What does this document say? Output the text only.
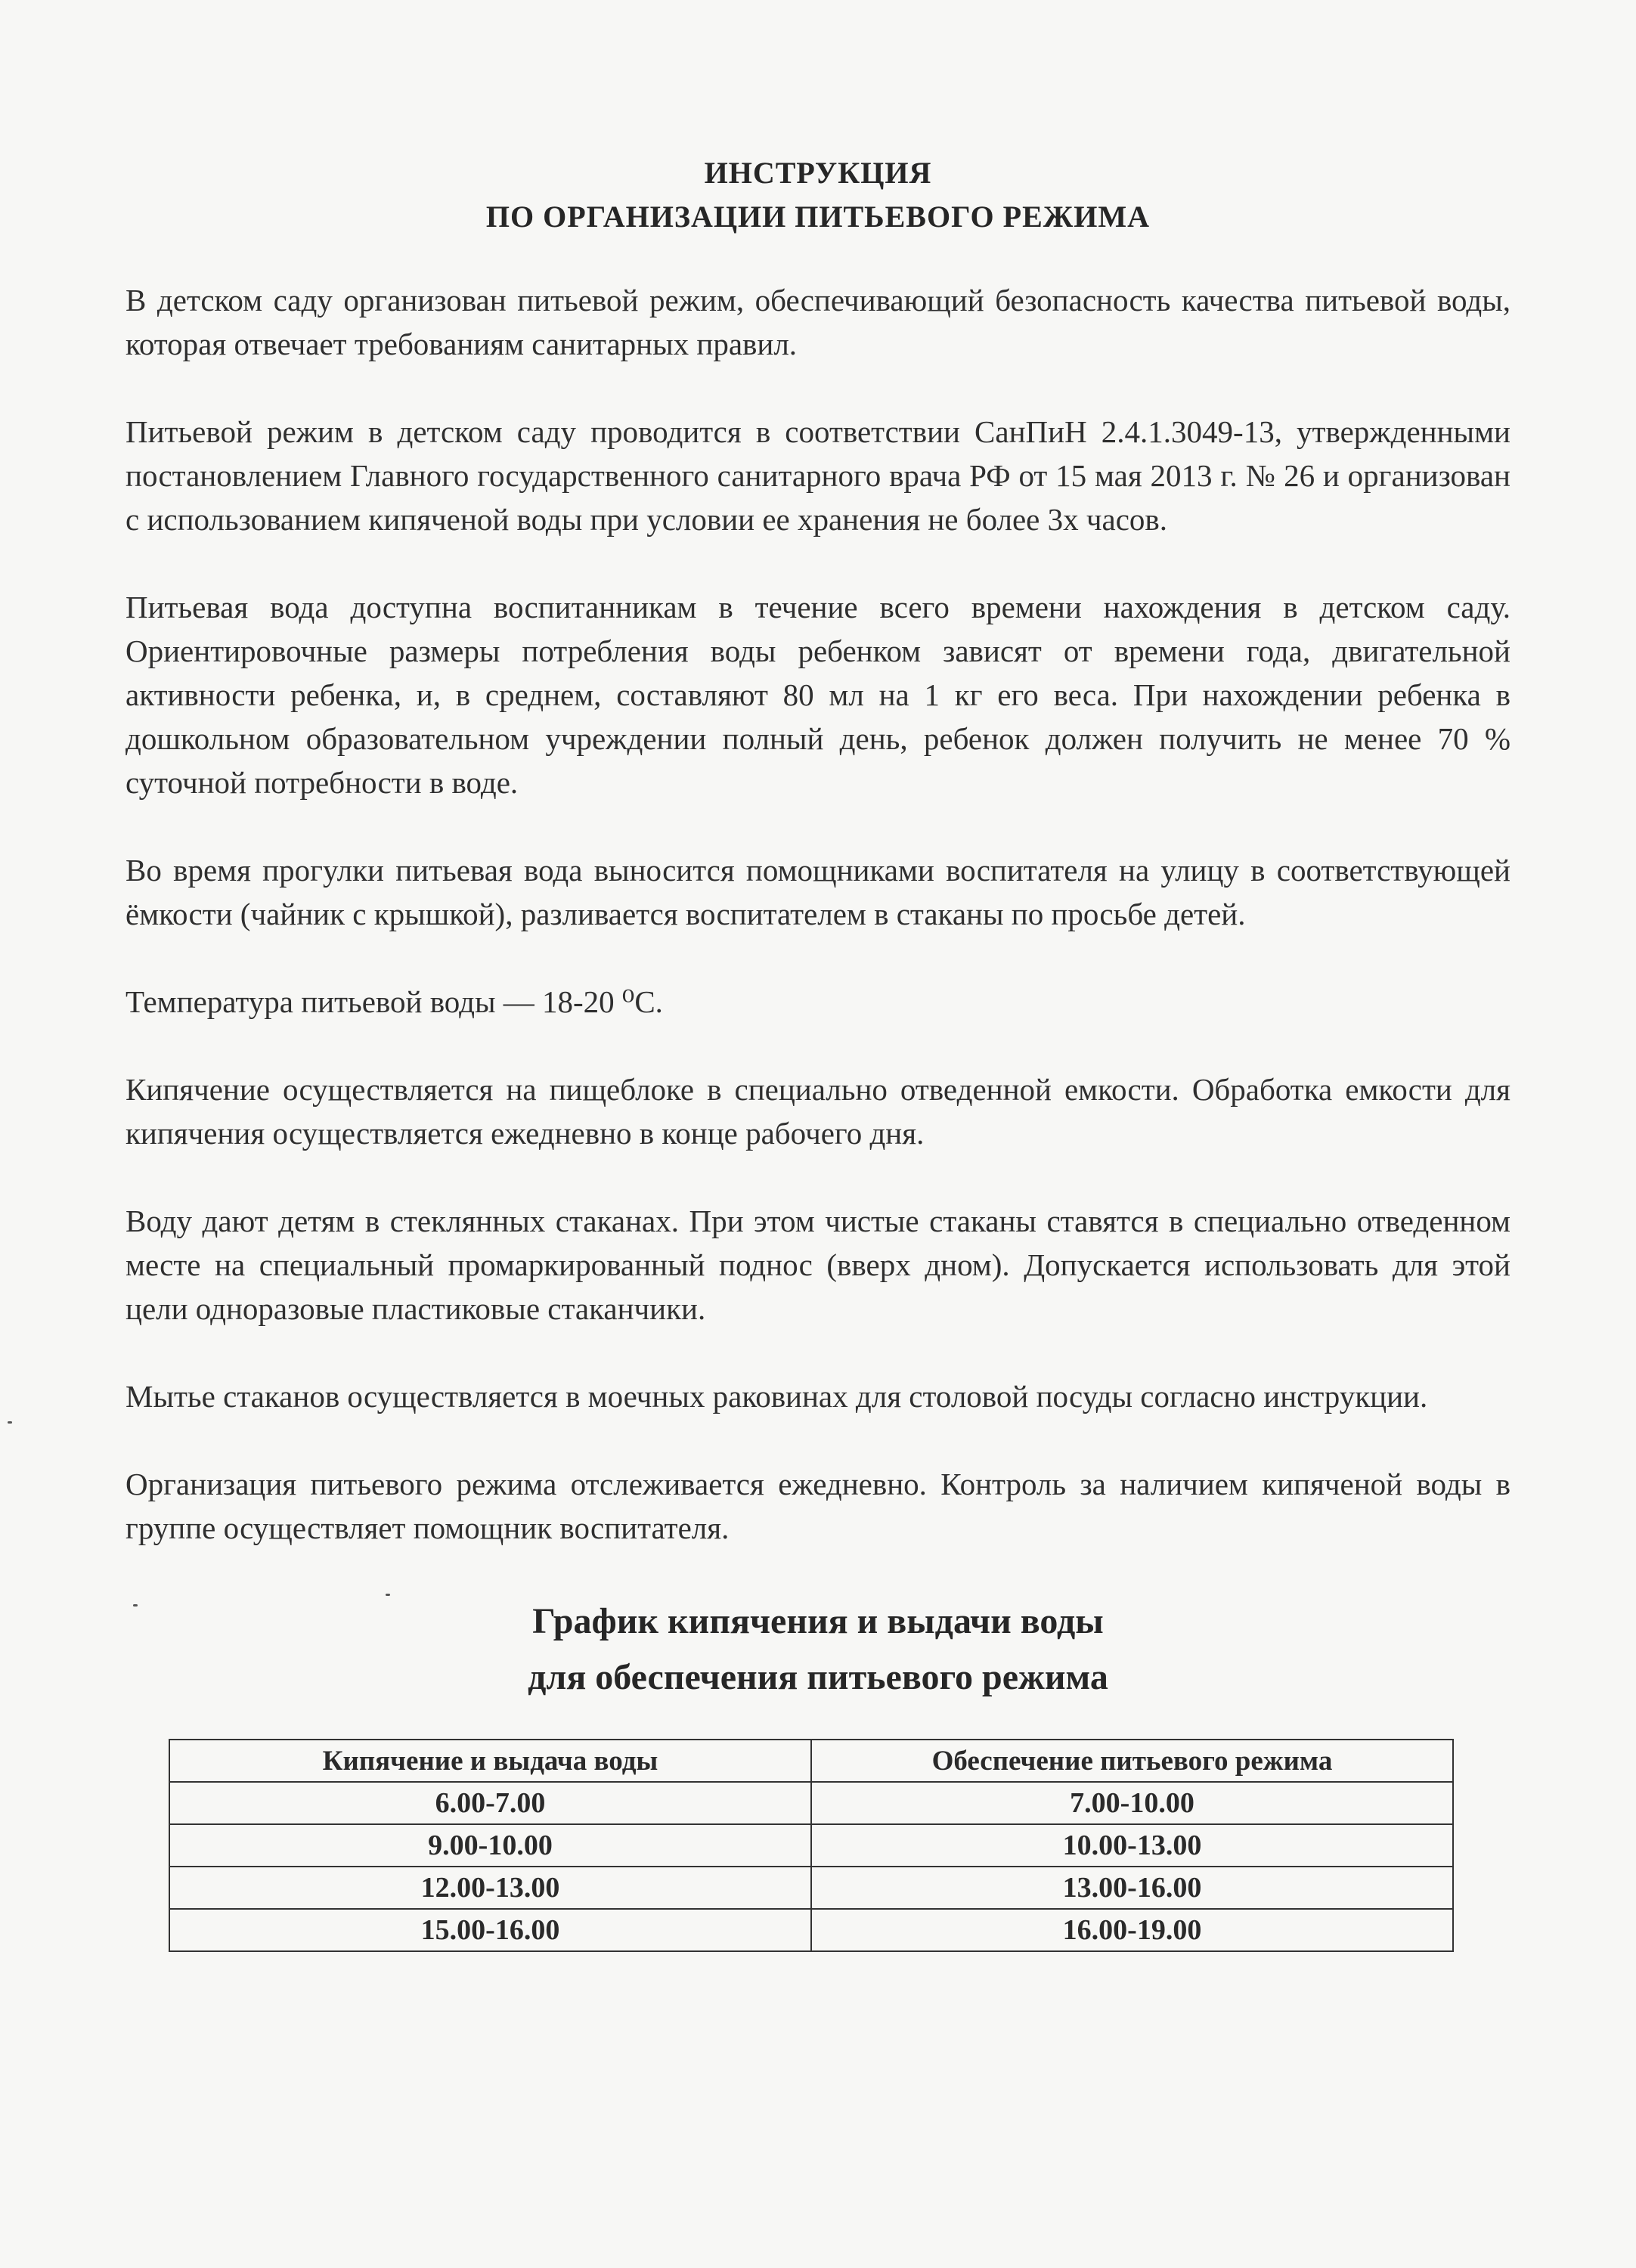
ИНСТРУКЦИЯ
ПО ОРГАНИЗАЦИИ ПИТЬЕВОГО РЕЖИМА

В детском саду организован питьевой режим, обеспечивающий безопасность качества питьевой воды, которая отвечает требованиям санитарных правил.

Питьевой режим в детском саду проводится в соответствии СанПиН 2.4.1.3049-13, утвержденными постановлением Главного государственного санитарного врача РФ от 15 мая 2013 г. № 26 и организован с использованием кипяченой воды при условии ее хранения не более 3х часов.

Питьевая вода доступна воспитанникам в течение всего времени нахождения в детском саду. Ориентировочные размеры потребления воды ребенком зависят от времени года, двигательной активности ребенка, и, в среднем, составляют 80 мл на 1 кг его веса. При нахождении ребенка в дошкольном образовательном учреждении полный день, ребенок должен получить не менее 70 % суточной потребности в воде.

Во время прогулки питьевая вода выносится помощниками воспитателя на улицу в соответствующей ёмкости (чайник с крышкой), разливается воспитателем в стаканы по просьбе детей.

Температура питьевой воды — 18-20 ⁰С.

Кипячение осуществляется на пищеблоке в специально отведенной емкости. Обработка емкости для кипячения осуществляется ежедневно в конце рабочего дня.

Воду дают детям в стеклянных стаканах. При этом чистые стаканы ставятся в специально отведенном месте на специальный промаркированный поднос (вверх дном). Допускается использовать для этой цели одноразовые пластиковые стаканчики.

Мытье стаканов осуществляется в моечных раковинах для столовой посуды согласно инструкции.

Организация питьевого режима отслеживается ежедневно. Контроль за наличием кипяченой воды в группе осуществляет помощник воспитателя.

График кипячения и выдачи воды
для обеспечения питьевого режима
Кипячение и выдача воды	Обеспечение питьевого режима
6.00-7.00	7.00-10.00
9.00-10.00	10.00-13.00
12.00-13.00	13.00-16.00
15.00-16.00	16.00-19.00
